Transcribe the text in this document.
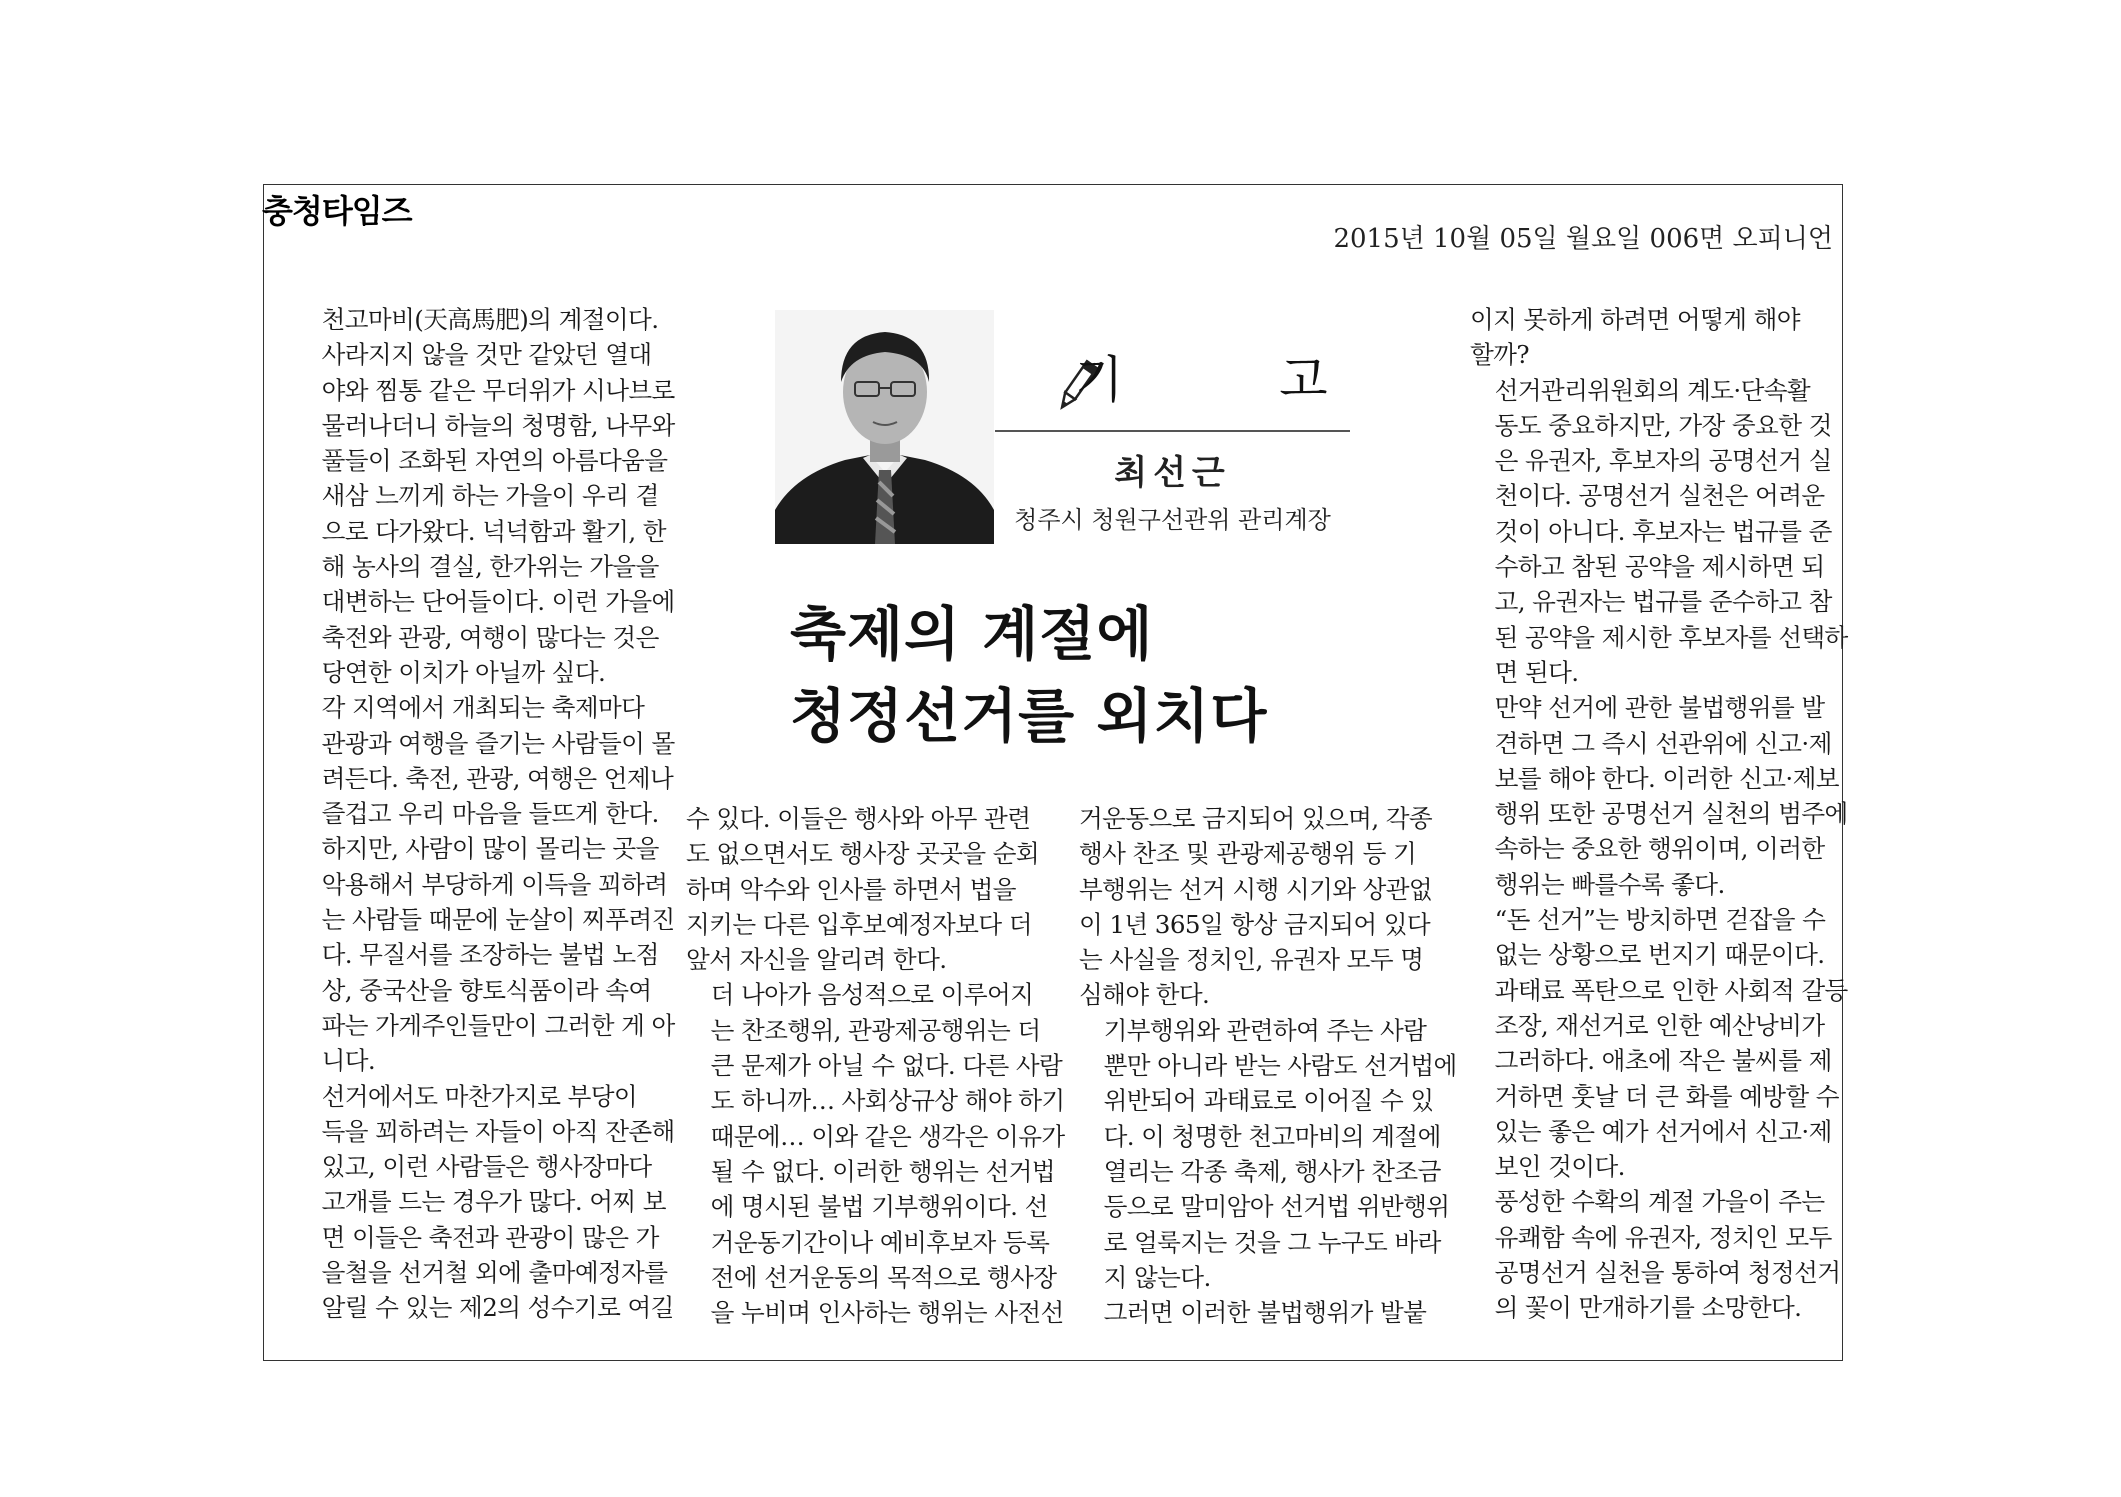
충청타임즈
2015년 10월 05일 월요일 006면 오피니언
기 고
최선근
청주시 청원구선관위 관리계장
축제의 계절에
청정선거를 외치다

천고마비(天高馬肥)의 계절이다.

사라지지 않을 것만 같았던 열대
야와 찜통 같은 무더위가 시나브로
물러나더니 하늘의 청명함, 나무와
풀들이 조화된 자연의 아름다움을
새삼 느끼게 하는 가을이 우리 곁
으로 다가왔다. 넉넉함과 활기, 한
해 농사의 결실, 한가위는 가을을
대변하는 단어들이다. 이런 가을에
축전와 관광, 여행이 많다는 것은
당연한 이치가 아닐까 싶다.

각 지역에서 개최되는 축제마다
관광과 여행을 즐기는 사람들이 몰
려든다. 축전, 관광, 여행은 언제나
즐겁고 우리 마음을 들뜨게 한다.

하지만, 사람이 많이 몰리는 곳을
악용해서 부당하게 이득을 꾀하려
는 사람들 때문에 눈살이 찌푸려진
다. 무질서를 조장하는 불법 노점
상, 중국산을 향토식품이라 속여
파는 가게주인들만이 그러한 게 아
니다.

선거에서도 마찬가지로 부당이
득을 꾀하려는 자들이 아직 잔존해
있고, 이런 사람들은 행사장마다
고개를 드는 경우가 많다. 어찌 보
면 이들은 축전과 관광이 많은 가
을철을 선거철 외에 출마예정자를
알릴 수 있는 제2의 성수기로 여길

수 있다. 이들은 행사와 아무 관련
도 없으면서도 행사장 곳곳을 순회
하며 악수와 인사를 하면서 법을
지키는 다른 입후보예정자보다 더
앞서 자신을 알리려 한다.

더 나아가 음성적으로 이루어지
는 찬조행위, 관광제공행위는 더
큰 문제가 아닐 수 없다. 다른 사람
도 하니까… 사회상규상 해야 하기
때문에… 이와 같은 생각은 이유가
될 수 없다. 이러한 행위는 선거법
에 명시된 불법 기부행위이다. 선
거운동기간이나 예비후보자 등록
전에 선거운동의 목적으로 행사장
을 누비며 인사하는 행위는 사전선

거운동으로 금지되어 있으며, 각종
행사 찬조 및 관광제공행위 등 기
부행위는 선거 시행 시기와 상관없
이 1년 365일 항상 금지되어 있다
는 사실을 정치인, 유권자 모두 명
심해야 한다.

기부행위와 관련하여 주는 사람
뿐만 아니라 받는 사람도 선거법에
위반되어 과태료로 이어질 수 있
다. 이 청명한 천고마비의 계절에
열리는 각종 축제, 행사가 찬조금
등으로 말미암아 선거법 위반행위
로 얼룩지는 것을 그 누구도 바라
지 않는다.

그러면 이러한 불법행위가 발붙

이지 못하게 하려면 어떻게 해야
할까?

선거관리위원회의 계도·단속활
동도 중요하지만, 가장 중요한 것
은 유권자, 후보자의 공명선거 실
천이다. 공명선거 실천은 어려운
것이 아니다. 후보자는 법규를 준
수하고 참된 공약을 제시하면 되
고, 유권자는 법규를 준수하고 참
된 공약을 제시한 후보자를 선택하
면 된다.

만약 선거에 관한 불법행위를 발
견하면 그 즉시 선관위에 신고·제
보를 해야 한다. 이러한 신고·제보
행위 또한 공명선거 실천의 범주에
속하는 중요한 행위이며, 이러한
행위는 빠를수록 좋다.

“돈 선거”는 방치하면 걷잡을 수
없는 상황으로 번지기 때문이다.
과태료 폭탄으로 인한 사회적 갈등
조장, 재선거로 인한 예산낭비가
그러하다. 애초에 작은 불씨를 제
거하면 훗날 더 큰 화를 예방할 수
있는 좋은 예가 선거에서 신고·제
보인 것이다.

풍성한 수확의 계절 가을이 주는
유쾌함 속에 유권자, 정치인 모두
공명선거 실천을 통하여 청정선거
의 꽃이 만개하기를 소망한다.
